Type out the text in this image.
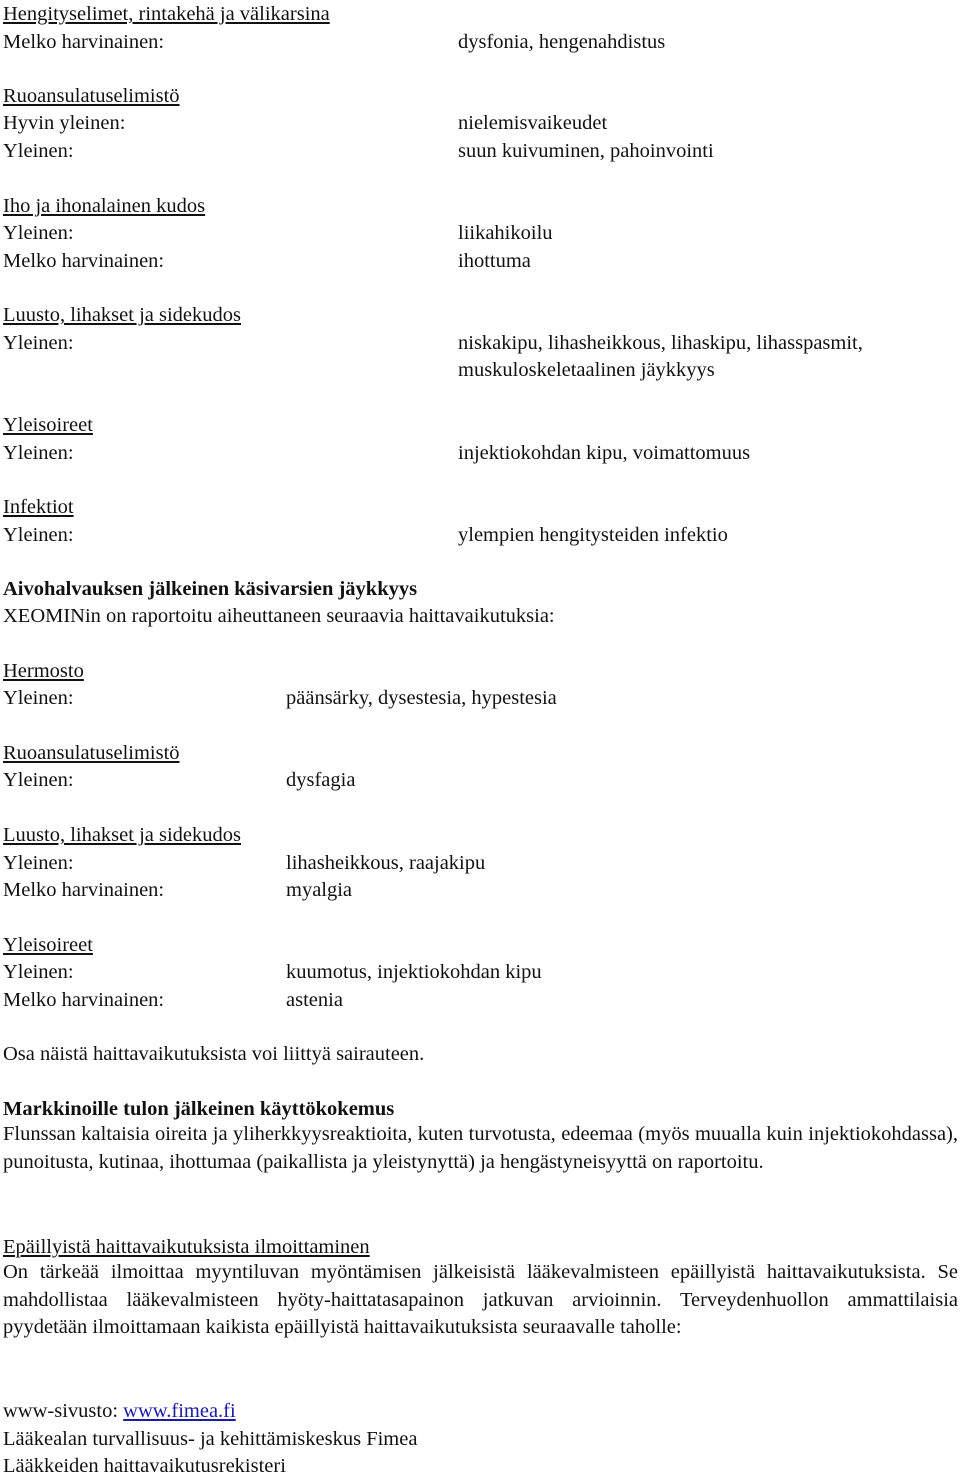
Hengityselimet, rintakehä ja välikarsina
Melko harvinainen:	dysfonia, hengenahdistus
Ruoansulatuselimistö
Hyvin yleinen:	nielemisvaikeudet
Yleinen:	suun kuivuminen, pahoinvointi
Iho ja ihonalainen kudos
Yleinen:	liikahikoilu
Melko harvinainen:	ihottuma
Luusto, lihakset ja sidekudos
Yleinen:	niskakipu, lihasheikkous, lihaskipu, lihasspasmit,
muskuloskeletaalinen jäykkyys
Yleisoireet
Yleinen:	injektiokohdan kipu, voimattomuus
Infektiot
Yleinen:	ylempien hengitysteiden infektio
Aivohalvauksen jälkeinen käsivarsien jäykkyys
XEOMINin on raportoitu aiheuttaneen seuraavia haittavaikutuksia:
Hermosto
Yleinen:	päänsärky, dysestesia, hypestesia
Ruoansulatuselimistö
Yleinen:	dysfagia
Luusto, lihakset ja sidekudos
Yleinen:	lihasheikkous, raajakipu
Melko harvinainen:	myalgia
Yleisoireet
Yleinen:	kuumotus, injektiokohdan kipu
Melko harvinainen:	astenia
Osa näistä haittavaikutuksista voi liittyä sairauteen.
Markkinoille tulon jälkeinen käyttökokemus
Flunssan kaltaisia oireita ja yliherkkyysreaktioita, kuten turvotusta, edeemaa (myös muualla kuin injektiokohdassa), punoitusta, kutinaa, ihottumaa (paikallista ja yleistynyttä) ja hengästyneisyyttä on raportoitu.
Epäillyistä haittavaikutuksista ilmoittaminen
On tärkeää ilmoittaa myyntiluvan myöntämisen jälkeisistä lääkevalmisteen epäillyistä haittavaikutuksista. Se mahdollistaa lääkevalmisteen hyöty-haittatasapainon jatkuvan arvioinnin. Terveydenhuollon ammattilaisia pyydetään ilmoittamaan kaikista epäillyistä haittavaikutuksista seuraavalle taholle:
www-sivusto: www.fimea.fi
Lääkealan turvallisuus- ja kehittämiskeskus Fimea
Lääkkeiden haittavaikutusrekisteri
